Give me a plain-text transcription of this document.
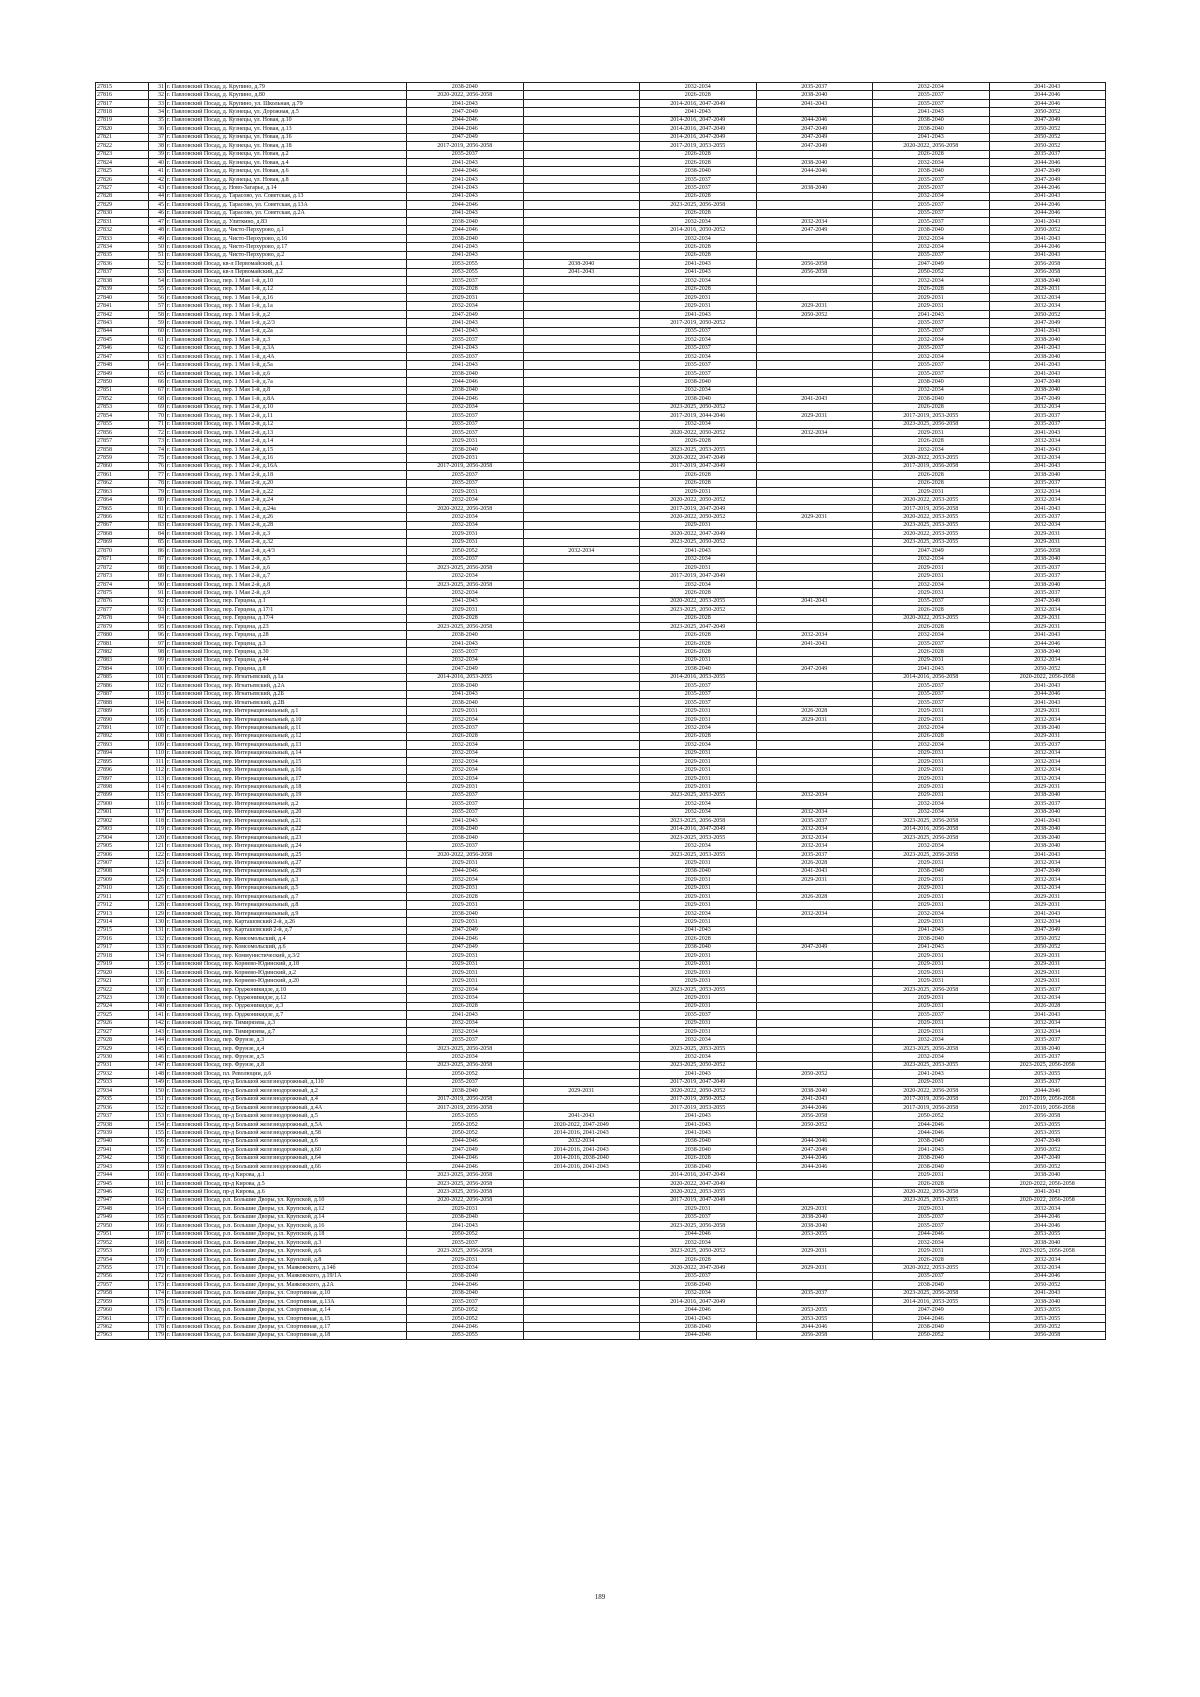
27815	31	г. Павловский Посад, д. Крупино, д.79	2038-2040		2032-2034	2035-2037	2032-2034	2041-2043
27816	32	г. Павловский Посад, д. Крупино, д.80	2020-2022, 2056-2058		2026-2028	2038-2040	2035-2037	2044-2046
27817	33	г. Павловский Посад, д. Крупино, ул. Школьная, д.79	2041-2043		2014-2016, 2047-2049	2041-2043	2035-2037	2044-2046
27818	34	г. Павловский Посад, д. Кузнецы, ул. Дорожная, д.5	2047-2049		2041-2043		2041-2043	2050-2052
27819	35	г. Павловский Посад, д. Кузнецы, ул. Новая, д.10	2044-2046		2014-2016, 2047-2049	2044-2046	2038-2040	2047-2049
27820	36	г. Павловский Посад, д. Кузнецы, ул. Новая, д.13	2044-2046		2014-2016, 2047-2049	2047-2049	2038-2040	2050-2052
27821	37	г. Павловский Посад, д. Кузнецы, ул. Новая, д.16	2047-2049		2014-2016, 2047-2049	2047-2049	2041-2043	2050-2052
27822	38	г. Павловский Посад, д. Кузнецы, ул. Новая, д.18	2017-2019, 2056-2058		2017-2019, 2053-2055	2047-2049	2020-2022, 2056-2058	2050-2052
27823	39	г. Павловский Посад, д. Кузнецы, ул. Новая, д.2	2035-2037		2026-2028		2026-2028	2035-2037
27824	40	г. Павловский Посад, д. Кузнецы, ул. Новая, д.4	2041-2043		2026-2028	2038-2040	2032-2034	2044-2046
27825	41	г. Павловский Посад, д. Кузнецы, ул. Новая, д.6	2044-2046		2038-2040	2044-2046	2038-2040	2047-2049
27826	42	г. Павловский Посад, д. Кузнецы, ул. Новая, д.8	2041-2043		2035-2037		2035-2037	2047-2049
27827	43	г. Павловский Посад, д. Ново-Загарье, д.14	2041-2043		2035-2037	2038-2040	2035-2037	2044-2046
27828	44	г. Павловский Посад, д. Тарасово, ул. Советская, д.13	2041-2043		2026-2028		2032-2034	2041-2043
27829	45	г. Павловский Посад, д. Тарасово, ул. Советская, д.13А	2044-2046		2023-2025, 2056-2058		2035-2037	2044-2046
27830	46	г. Павловский Посад, д. Тарасово, ул. Советская, д.2А	2041-2043		2026-2028		2035-2037	2044-2046
27831	47	г. Павловский Посад, д. Улиткино, д.83	2038-2040		2032-2034	2032-2034	2035-2037	2041-2043
27832	48	г. Павловский Посад, д. Чисто-Перхурово, д.1	2044-2046		2014-2016, 2050-2052	2047-2049	2038-2040	2050-2052
27833	49	г. Павловский Посад, д. Чисто-Перхурово, д.16	2038-2040		2032-2034		2032-2034	2041-2043
27834	50	г. Павловский Посад, д. Чисто-Перхурово, д.17	2041-2043		2026-2028		2032-2034	2044-2046
27835	51	г. Павловский Посад, д. Чисто-Перхурово, д.2	2041-2043		2026-2028		2035-2037	2041-2043
27836	52	г. Павловский Посад, кв-л Первомайский, д.1	2053-2055	2038-2040	2041-2043	2056-2058	2047-2049	2056-2058
27837	53	г. Павловский Посад, кв-л Первомайский, д.2	2053-2055	2041-2043	2041-2043	2056-2058	2050-2052	2056-2058
27838	54	г. Павловский Посад, пер. 1 Мая 1-й, д.10	2035-2037		2032-2034		2032-2034	2038-2040
27839	55	г. Павловский Посад, пер. 1 Мая 1-й, д.12	2026-2028		2026-2028		2026-2028	2029-2031
27840	56	г. Павловский Посад, пер. 1 Мая 1-й, д.16	2029-2031		2029-2031		2029-2031	2032-2034
27841	57	г. Павловский Посад, пер. 1 Мая 1-й, д.1а	2032-2034		2029-2031	2029-2031	2029-2031	2032-2034
27842	58	г. Павловский Посад, пер. 1 Мая 1-й, д.2	2047-2049		2041-2043	2050-2052	2041-2043	2050-2052
27843	59	г. Павловский Посад, пер. 1 Мая 1-й, д.2/3	2041-2043		2017-2019, 2050-2052		2035-2037	2047-2049
27844	60	г. Павловский Посад, пер. 1 Мая 1-й, д.2а	2041-2043		2035-2037		2035-2037	2041-2043
27845	61	г. Павловский Посад, пер. 1 Мая 1-й, д.3	2035-2037		2032-2034		2032-2034	2038-2040
27846	62	г. Павловский Посад, пер. 1 Мая 1-й, д.3А	2041-2043		2035-2037		2035-2037	2041-2043
27847	63	г. Павловский Посад, пер. 1 Мая 1-й, д.4А	2035-2037		2032-2034		2032-2034	2038-2040
27848	64	г. Павловский Посад, пер. 1 Мая 1-й, д.5а	2041-2043		2035-2037		2035-2037	2041-2043
27849	65	г. Павловский Посад, пер. 1 Мая 1-й, д.6	2038-2040		2035-2037		2035-2037	2041-2043
27850	66	г. Павловский Посад, пер. 1 Мая 1-й, д.7а	2044-2046		2038-2040		2038-2040	2047-2049
27851	67	г. Павловский Посад, пер. 1 Мая 1-й, д.8	2038-2040		2032-2034		2032-2034	2038-2040
27852	68	г. Павловский Посад, пер. 1 Мая 1-й, д.8А	2044-2046		2038-2040	2041-2043	2038-2040	2047-2049
27853	69	г. Павловский Посад, пер. 1 Мая 2-й, д.10	2032-2034		2023-2025, 2050-2052		2026-2028	2032-2034
27854	70	г. Павловский Посад, пер. 1 Мая 2-й, д.11	2035-2037		2017-2019, 2044-2046	2029-2031	2017-2019, 2053-2055	2035-2037
27855	71	г. Павловский Посад, пер. 1 Мая 2-й, д.12	2035-2037		2032-2034		2023-2025, 2056-2058	2035-2037
27856	72	г. Павловский Посад, пер. 1 Мая 2-й, д.13	2035-2037		2020-2022, 2050-2052	2032-2034	2029-2031	2041-2043
27857	73	г. Павловский Посад, пер. 1 Мая 2-й, д.14	2029-2031		2026-2028		2026-2028	2032-2034
27858	74	г. Павловский Посад, пер. 1 Мая 2-й, д.15	2038-2040		2023-2025, 2053-2055		2032-2034	2041-2043
27859	75	г. Павловский Посад, пер. 1 Мая 2-й, д.16	2029-2031		2020-2022, 2047-2049		2020-2022, 2053-2055	2032-2034
27860	76	г. Павловский Посад, пер. 1 Мая 2-й, д.16А	2017-2019, 2056-2058		2017-2019, 2047-2049		2017-2019, 2056-2058	2041-2043
27861	77	г. Павловский Посад, пер. 1 Мая 2-й, д.18	2035-2037		2026-2028		2026-2028	2038-2040
27862	78	г. Павловский Посад, пер. 1 Мая 2-й, д.20	2035-2037		2026-2028		2026-2028	2035-2037
27863	79	г. Павловский Посад, пер. 1 Мая 2-й, д.22	2029-2031		2029-2031		2029-2031	2032-2034
27864	80	г. Павловский Посад, пер. 1 Мая 2-й, д.24	2032-2034		2020-2022, 2050-2052		2020-2022, 2053-2055	2032-2034
27865	81	г. Павловский Посад, пер. 1 Мая 2-й, д.24а	2020-2022, 2056-2058		2017-2019, 2047-2049		2017-2019, 2056-2058	2041-2043
27866	82	г. Павловский Посад, пер. 1 Мая 2-й, д.26	2032-2034		2020-2022, 2050-2052	2029-2031	2020-2022, 2053-2055	2035-2037
27867	83	г. Павловский Посад, пер. 1 Мая 2-й, д.28	2032-2034		2029-2031		2023-2025, 2053-2055	2032-2034
27868	84	г. Павловский Посад, пер. 1 Мая 2-й, д.3	2029-2031		2020-2022, 2047-2049		2020-2022, 2053-2055	2029-2031
27869	85	г. Павловский Посад, пер. 1 Мая 2-й, д.32	2029-2031		2023-2025, 2050-2052		2023-2025, 2053-2055	2029-2031
27870	86	г. Павловский Посад, пер. 1 Мая 2-й, д.4/3	2050-2052	2032-2034	2041-2043		2047-2049	2056-2058
27871	87	г. Павловский Посад, пер. 1 Мая 2-й, д.5	2035-2037		2032-2034		2032-2034	2038-2040
27872	88	г. Павловский Посад, пер. 1 Мая 2-й, д.6	2023-2025, 2056-2058		2029-2031		2029-2031	2035-2037
27873	89	г. Павловский Посад, пер. 1 Мая 2-й, д.7	2032-2034		2017-2019, 2047-2049		2029-2031	2035-2037
27874	90	г. Павловский Посад, пер. 1 Мая 2-й, д.8	2023-2025, 2056-2058		2032-2034		2032-2034	2038-2040
27875	91	г. Павловский Посад, пер. 1 Мая 2-й, д.9	2032-2034		2026-2028		2029-2031	2035-2037
27876	92	г. Павловский Посад, пер. Герцена, д.1	2041-2043		2020-2022, 2053-2055	2041-2043	2035-2037	2047-2049
27877	93	г. Павловский Посад, пер. Герцена, д.17/1	2029-2031		2023-2025, 2050-2052		2026-2028	2032-2034
27878	94	г. Павловский Посад, пер. Герцена, д.17/4	2026-2028		2026-2028		2020-2022, 2053-2055	2029-2031
27879	95	г. Павловский Посад, пер. Герцена, д.23	2023-2025, 2056-2058		2023-2025, 2047-2049		2026-2028	2029-2031
27880	96	г. Павловский Посад, пер. Герцена, д.28	2038-2040		2026-2028	2032-2034	2032-2034	2041-2043
27881	97	г. Павловский Посад, пер. Герцена, д.3	2041-2043		2026-2028	2041-2043	2035-2037	2044-2046
27882	98	г. Павловский Посад, пер. Герцена, д.30	2035-2037		2026-2028		2026-2028	2038-2040
27883	99	г. Павловский Посад, пер. Герцена, д.44	2032-2034		2029-2031		2029-2031	2032-2034
27884	100	г. Павловский Посад, пер. Герцена, д.8	2047-2049		2038-2040	2047-2049	2041-2043	2050-2052
27885	101	г. Павловский Посад, пер. Игнатьевский, д.1а	2014-2016, 2053-2055		2014-2016, 2053-2055		2014-2016, 2056-2058	2020-2022, 2056-2058
27886	102	г. Павловский Посад, пер. Игнатьевский, д.2А	2038-2040		2035-2037		2035-2037	2041-2043
27887	103	г. Павловский Посад, пер. Игнатьевский, д.2Б	2041-2043		2035-2037		2035-2037	2044-2046
27888	104	г. Павловский Посад, пер. Игнатьевский, д.2В	2038-2040		2035-2037		2035-2037	2041-2043
27889	105	г. Павловский Посад, пер. Интернациональный, д.1	2029-2031		2029-2031	2026-2028	2029-2031	2029-2031
27890	106	г. Павловский Посад, пер. Интернациональный, д.10	2032-2034		2029-2031	2029-2031	2029-2031	2032-2034
27891	107	г. Павловский Посад, пер. Интернациональный, д.11	2035-2037		2032-2034		2032-2034	2038-2040
27892	108	г. Павловский Посад, пер. Интернациональный, д.12	2026-2028		2026-2028		2026-2028	2029-2031
27893	109	г. Павловский Посад, пер. Интернациональный, д.13	2032-2034		2032-2034		2032-2034	2035-2037
27894	110	г. Павловский Посад, пер. Интернациональный, д.14	2032-2034		2029-2031		2029-2031	2032-2034
27895	111	г. Павловский Посад, пер. Интернациональный, д.15	2032-2034		2029-2031		2029-2031	2032-2034
27896	112	г. Павловский Посад, пер. Интернациональный, д.16	2032-2034		2029-2031		2029-2031	2032-2034
27897	113	г. Павловский Посад, пер. Интернациональный, д.17	2032-2034		2029-2031		2029-2031	2032-2034
27898	114	г. Павловский Посад, пер. Интернациональный, д.18	2029-2031		2029-2031		2029-2031	2029-2031
27899	115	г. Павловский Посад, пер. Интернациональный, д.19	2035-2037		2023-2025, 2053-2055	2032-2034	2029-2031	2038-2040
27900	116	г. Павловский Посад, пер. Интернациональный, д.2	2035-2037		2032-2034		2032-2034	2035-2037
27901	117	г. Павловский Посад, пер. Интернациональный, д.20	2035-2037		2032-2034	2032-2034	2032-2034	2038-2040
27902	118	г. Павловский Посад, пер. Интернациональный, д.21	2041-2043		2023-2025, 2056-2058	2035-2037	2023-2025, 2056-2058	2041-2043
27903	119	г. Павловский Посад, пер. Интернациональный, д.22	2038-2040		2014-2016, 2047-2049	2032-2034	2014-2016, 2056-2058	2038-2040
27904	120	г. Павловский Посад, пер. Интернациональный, д.23	2038-2040		2023-2025, 2053-2055	2032-2034	2023-2025, 2056-2058	2038-2040
27905	121	г. Павловский Посад, пер. Интернациональный, д.24	2035-2037		2032-2034	2032-2034	2032-2034	2038-2040
27906	122	г. Павловский Посад, пер. Интернациональный, д.25	2020-2022, 2056-2058		2023-2025, 2053-2055	2035-2037	2023-2025, 2056-2058	2041-2043
27907	123	г. Павловский Посад, пер. Интернациональный, д.27	2029-2031		2029-2031	2026-2028	2029-2031	2032-2034
27908	124	г. Павловский Посад, пер. Интернациональный, д.29	2044-2046		2038-2040	2041-2043	2038-2040	2047-2049
27909	125	г. Павловский Посад, пер. Интернациональный, д.3	2032-2034		2029-2031	2029-2031	2029-2031	2032-2034
27910	126	г. Павловский Посад, пер. Интернациональный, д.5	2029-2031		2029-2031		2029-2031	2032-2034
27911	127	г. Павловский Посад, пер. Интернациональный, д.7	2026-2028		2029-2031	2026-2028	2029-2031	2029-2031
27912	128	г. Павловский Посад, пер. Интернациональный, д.8	2029-2031		2029-2031		2029-2031	2029-2031
27913	129	г. Павловский Посад, пер. Интернациональный, д.9	2038-2040		2032-2034	2032-2034	2032-2034	2041-2043
27914	130	г. Павловский Посад, пер. Карташовский 2-й, д.26	2029-2031		2029-2031		2029-2031	2032-2034
27915	131	г. Павловский Посад, пер. Карташовский 2-й, д.7	2047-2049		2041-2043		2041-2043	2047-2049
27916	132	г. Павловский Посад, пер. Комсомольский, д.4	2044-2046		2026-2028		2038-2040	2050-2052
27917	133	г. Павловский Посад, пер. Комсомольский, д.6	2047-2049		2038-2040	2047-2049	2041-2043	2050-2052
27918	134	г. Павловский Посад, пер. Коммунистический, д.3/2	2029-2031		2029-2031		2029-2031	2029-2031
27919	135	г. Павловский Посад, пер. Корнево-Юдинский, д.18	2029-2031		2029-2031		2029-2031	2029-2031
27920	136	г. Павловский Посад, пер. Корнево-Юдинский, д.2	2029-2031		2029-2031		2029-2031	2029-2031
27921	137	г. Павловский Посад, пер. Корнево-Юдинский, д.20	2029-2031		2029-2031		2029-2031	2029-2031
27922	138	г. Павловский Посад, пер. Орджоникидзе, д.10	2032-2034		2023-2025, 2053-2055		2023-2025, 2056-2058	2035-2037
27923	139	г. Павловский Посад, пер. Орджоникидзе, д.12	2032-2034		2029-2031		2029-2031	2032-2034
27924	140	г. Павловский Посад, пер. Орджоникидзе, д.3	2026-2028		2029-2031		2029-2031	2026-2028
27925	141	г. Павловский Посад, пер. Орджоникидзе, д.7	2041-2043		2035-2037		2035-2037	2041-2043
27926	142	г. Павловский Посад, пер. Тимирязева, д.3	2032-2034		2029-2031		2029-2031	2032-2034
27927	143	г. Павловский Посад, пер. Тимирязева, д.7	2032-2034		2029-2031		2029-2031	2032-2034
27928	144	г. Павловский Посад, пер. Фрунзе, д.3	2035-2037		2032-2034		2032-2034	2035-2037
27929	145	г. Павловский Посад, пер. Фрунзе, д.4	2023-2025, 2056-2058		2023-2025, 2053-2055		2023-2025, 2056-2058	2038-2040
27930	146	г. Павловский Посад, пер. Фрунзе, д.5	2032-2034		2032-2034		2032-2034	2035-2037
27931	147	г. Павловский Посад, пер. Фрунзе, д.8	2023-2025, 2056-2058		2023-2025, 2050-2052		2023-2025, 2053-2055	2023-2025, 2056-2058
27932	148	г. Павловский Посад, пл. Революции, д.6	2050-2052		2041-2043	2050-2052	2041-2043	2053-2055
27933	149	г. Павловский Посад, пр-д Большой железнодорожный, д.110	2035-2037		2017-2019, 2047-2049		2029-2031	2035-2037
27934	150	г. Павловский Посад, пр-д Большой железнодорожный, д.2	2038-2040	2029-2031	2020-2022, 2050-2052	2038-2040	2020-2022, 2056-2058	2044-2046
27935	151	г. Павловский Посад, пр-д Большой железнодорожный, д.4	2017-2019, 2056-2058		2017-2019, 2050-2052	2041-2043	2017-2019, 2056-2058	2017-2019, 2056-2058
27936	152	г. Павловский Посад, пр-д Большой железнодорожный, д.4А	2017-2019, 2056-2058		2017-2019, 2053-2055	2044-2046	2017-2019, 2056-2058	2017-2019, 2056-2058
27937	153	г. Павловский Посад, пр-д Большой железнодорожный, д.5	2053-2055	2041-2043	2041-2043	2056-2058	2050-2052	2056-2058
27938	154	г. Павловский Посад, пр-д Большой железнодорожный, д.5А	2050-2052	2020-2022, 2047-2049	2041-2043	2050-2052	2044-2046	2053-2055
27939	155	г. Павловский Посад, пр-д Большой железнодорожный, д.58	2050-2052	2014-2016, 2041-2043	2041-2043		2044-2046	2053-2055
27940	156	г. Павловский Посад, пр-д Большой железнодорожный, д.6	2044-2046	2032-2034	2038-2040	2044-2046	2038-2040	2047-2049
27941	157	г. Павловский Посад, пр-д Большой железнодорожный, д.60	2047-2049	2014-2016, 2041-2043	2038-2040	2047-2049	2041-2043	2050-2052
27942	158	г. Павловский Посад, пр-д Большой железнодорожный, д.64	2044-2046	2014-2016, 2038-2040	2026-2028	2044-2046	2038-2040	2047-2049
27943	159	г. Павловский Посад, пр-д Большой железнодорожный, д.66	2044-2046	2014-2016, 2041-2043	2038-2040	2044-2046	2038-2040	2050-2052
27944	160	г. Павловский Посад, пр-д Кирова, д.1	2023-2025, 2056-2058		2014-2016, 2047-2049		2029-2031	2038-2040
27945	161	г. Павловский Посад, пр-д Кирова, д.5	2023-2025, 2056-2058		2020-2022, 2047-2049		2026-2028	2020-2022, 2056-2058
27946	162	г. Павловский Посад, пр-д Кирова, д.6	2023-2025, 2056-2058		2020-2022, 2053-2055		2020-2022, 2056-2058	2041-2043
27947	163	г. Павловский Посад, р.п. Большие Дворы, ул. Крупской, д.10	2020-2022, 2056-2058		2017-2019, 2047-2049		2023-2025, 2053-2055	2020-2022, 2056-2058
27948	164	г. Павловский Посад, р.п. Большие Дворы, ул. Крупской, д.12	2029-2031		2029-2031	2029-2031	2029-2031	2032-2034
27949	165	г. Павловский Посад, р.п. Большие Дворы, ул. Крупской, д.14	2038-2040		2035-2037	2038-2040	2035-2037	2044-2046
27950	166	г. Павловский Посад, р.п. Большие Дворы, ул. Крупской, д.16	2041-2043		2023-2025, 2056-2058	2038-2040	2035-2037	2044-2046
27951	167	г. Павловский Посад, р.п. Большие Дворы, ул. Крупской, д.18	2050-2052		2044-2046	2053-2055	2044-2046	2053-2055
27952	168	г. Павловский Посад, р.п. Большие Дворы, ул. Крупской, д.3	2035-2037		2032-2034		2032-2034	2038-2040
27953	169	г. Павловский Посад, р.п. Большие Дворы, ул. Крупской, д.6	2023-2025, 2056-2058		2023-2025, 2050-2052	2029-2031	2029-2031	2023-2025, 2056-2058
27954	170	г. Павловский Посад, р.п. Большие Дворы, ул. Крупской, д.8	2029-2031		2026-2028		2026-2028	2032-2034
27955	171	г. Павловский Посад, р.п. Большие Дворы, ул. Маяковского, д.14б	2032-2034		2020-2022, 2047-2049	2029-2031	2020-2022, 2053-2055	2032-2034
27956	172	г. Павловский Посад, р.п. Большие Дворы, ул. Маяковского, д.19/1А	2038-2040		2035-2037		2035-2037	2044-2046
27957	173	г. Павловский Посад, р.п. Большие Дворы, ул. Маяковского, д.2А	2044-2046		2038-2040		2038-2040	2050-2052
27958	174	г. Павловский Посад, р.п. Большие Дворы, ул. Спортивная, д.10	2038-2040		2032-2034	2035-2037	2023-2025, 2056-2058	2041-2043
27959	175	г. Павловский Посад, р.п. Большие Дворы, ул. Спортивная, д.13А	2035-2037		2014-2016, 2047-2049		2014-2016, 2053-2055	2038-2040
27960	176	г. Павловский Посад, р.п. Большие Дворы, ул. Спортивная, д.14	2050-2052		2044-2046	2053-2055	2047-2049	2053-2055
27961	177	г. Павловский Посад, р.п. Большие Дворы, ул. Спортивная, д.15	2050-2052		2041-2043	2053-2055	2044-2046	2053-2055
27962	178	г. Павловский Посад, р.п. Большие Дворы, ул. Спортивная, д.17	2044-2046		2038-2040	2044-2046	2038-2040	2050-2052
27963	179	г. Павловский Посад, р.п. Большие Дворы, ул. Спортивная, д.18	2053-2055		2044-2046	2056-2058	2050-2052	2056-2058
189
